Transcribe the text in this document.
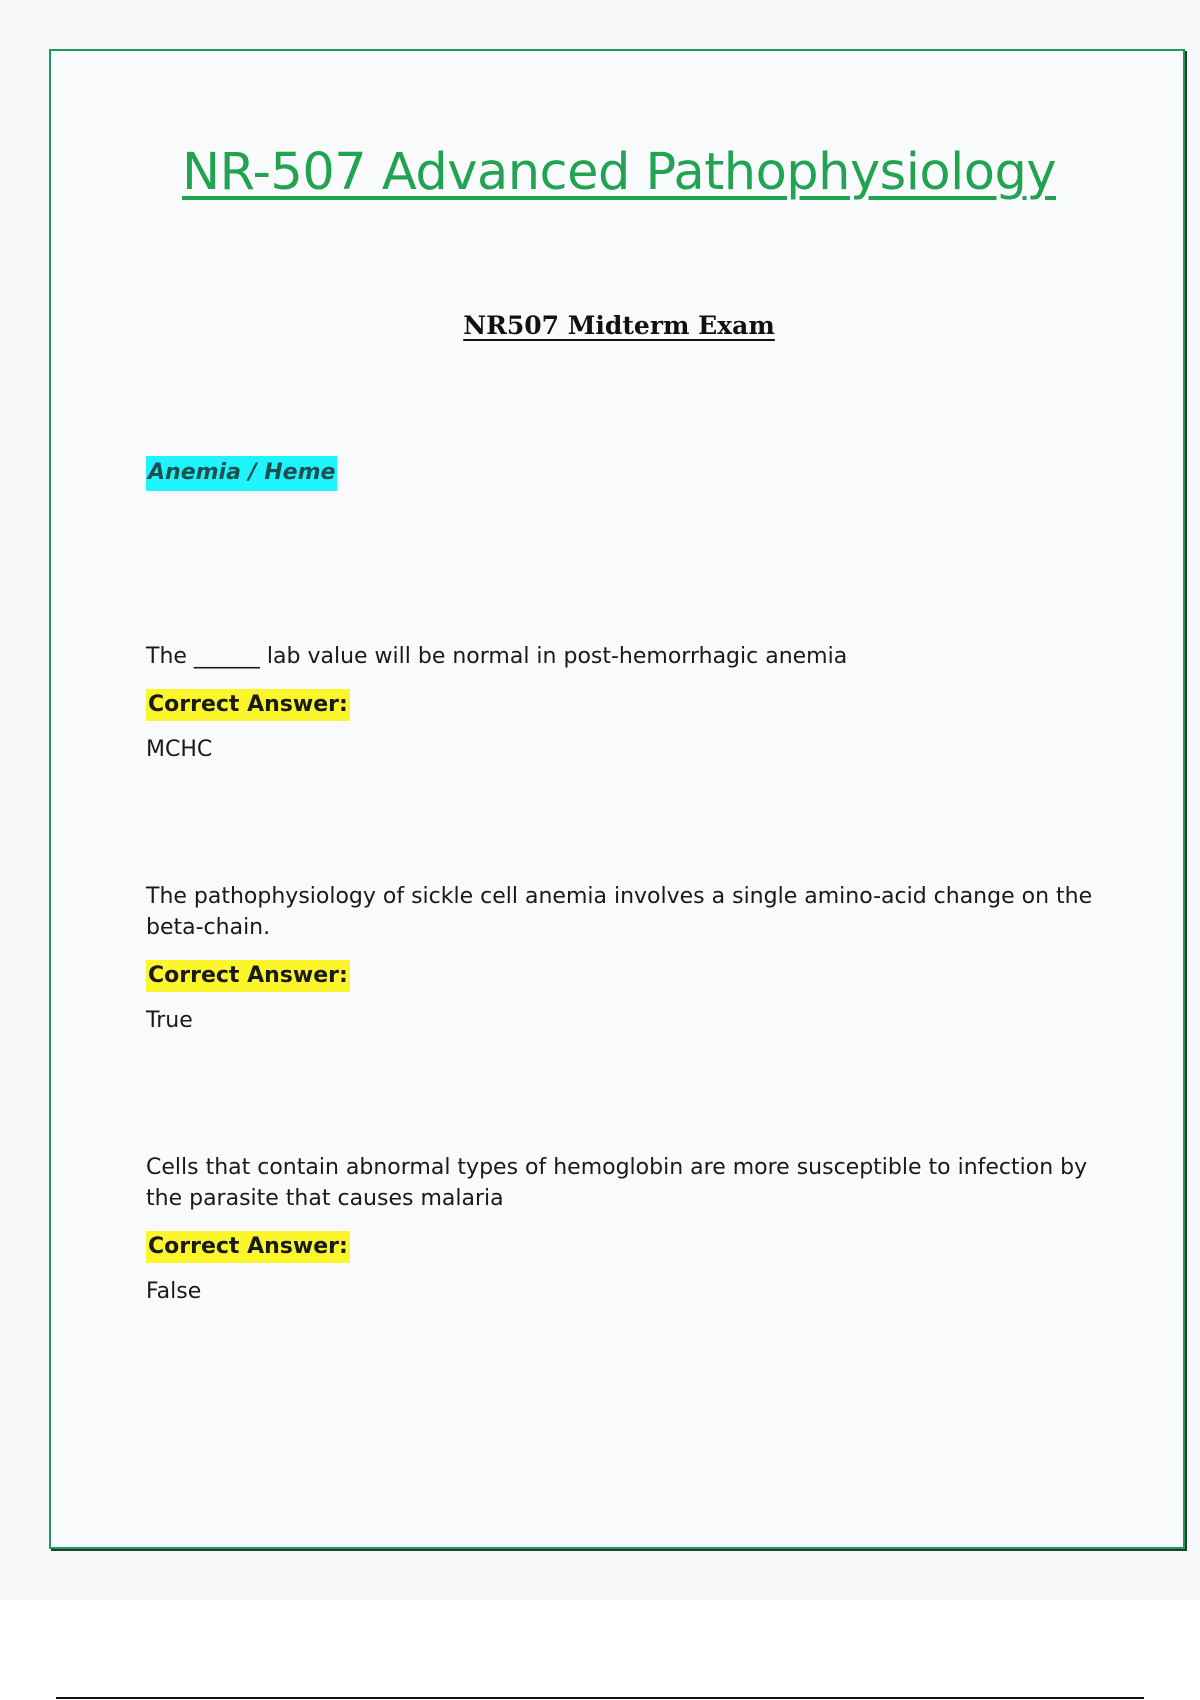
NR-507 Advanced Pathophysiology
NR507 Midterm Exam
Anemia / Heme

The ______ lab value will be normal in post-hemorrhagic anemia

Correct Answer:
MCHC

The pathophysiology of sickle cell anemia involves a single amino-acid change on the beta-chain.

Correct Answer:
True

Cells that contain abnormal types of hemoglobin are more susceptible to infection by the parasite that causes malaria

Correct Answer:
False
